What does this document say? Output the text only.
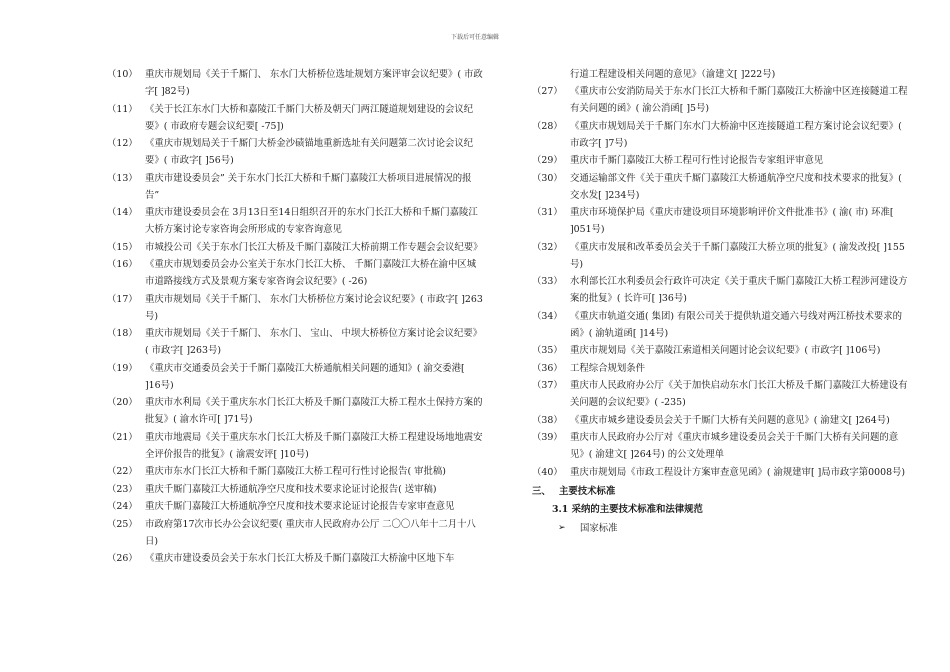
下载后可任意编辑
（10） 重庆市规划局《关于千厮门、 东水门大桥桥位选址规划方案评审会议纪要》( 市政字[ ]82号)
（11） 《关于长江东水门大桥和嘉陵江千厮门大桥及朝天门两江隧道规划建设的会议纪要》( 市政府专题会议纪要[ -75])
（12） 《重庆市规划局关于千厮门大桥金沙碛锚地重新选址有关问题第二次讨论会议纪要》( 市政字[ ]56号)
（13） 重庆市建设委员会” 关于东水门长江大桥和千厮门嘉陵江大桥项目进展情况的报告”
（14） 重庆市建设委员会在 3月13日至14日组织召开的东水门长江大桥和千厮门嘉陵江大桥方案讨论专家咨询会所形成的专家咨询意见
（15） 市城投公司《关于东水门长江大桥及千厮门嘉陵江大桥前期工作专题会会议纪要》
（16） 《重庆市规划委员会办公室关于东水门长江大桥、 千厮门嘉陵江大桥在渝中区城市道路接线方式及景观方案专家咨询会议纪要》( -26)
（17） 重庆市规划局《关于千厮门、 东水门大桥桥位方案讨论会议纪要》( 市政字[ ]263号)
（18） 重庆市规划局《关于千厮门、 东水门、 宝山、 中坝大桥桥位方案讨论会议纪要》( 市政字[ ]263号)
（19） 《重庆市交通委员会关于千厮门嘉陵江大桥通航相关问题的通知》( 渝交委港[ ]16号)
（20） 重庆市水利局《关于重庆东水门长江大桥及千厮门嘉陵江大桥工程水土保持方案的批复》( 渝水许可[ ]71号)
（21） 重庆市地震局《关于重庆东水门长江大桥及千厮门嘉陵江大桥工程建设场地地震安全评价报告的批复》( 渝震安评[ ]10号)
（22） 重庆市东水门长江大桥和千厮门嘉陵江大桥工程可行性讨论报告( 审批稿)
（23） 重庆千厮门嘉陵江大桥通航净空尺度和技术要求论证讨论报告( 送审稿)
（24） 重庆千厮门嘉陵江大桥通航净空尺度和技术要求论证讨论报告专家审查意见
（25） 市政府第17次市长办公会议纪要( 重庆市人民政府办公厅 二〇〇八年十二月十八日)
（26） 《重庆市建设委员会关于东水门长江大桥及千厮门嘉陵江大桥渝中区地下车
行道工程建设相关问题的意见》（渝建文[ ]222号)
（27） 《重庆市公安消防局关于东水门长江大桥和千厮门嘉陵江大桥渝中区连接隧道工程有关问题的函》( 渝公消函[ ]5号)
（28） 《重庆市规划局关于千厮门东水门大桥渝中区连接隧道工程方案讨论会议纪要》( 市政字[ ]7号)
（29） 重庆市千厮门嘉陵江大桥工程可行性讨论报告专家组评审意见
（30） 交通运输部文件《关于重庆千厮门嘉陵江大桥通航净空尺度和技术要求的批复》( 交水发[ ]234号)
（31） 重庆市环境保护局《重庆市建设项目环境影响评价文件批准书》( 渝( 市) 环准[ ]051号)
（32） 《重庆市发展和改革委员会关于千厮门嘉陵江大桥立项的批复》( 渝发改投[ ]155号)
（33） 水利部长江水利委员会行政许可决定《关于重庆千厮门嘉陵江大桥工程涉河建设方案的批复》( 长许可[ ]36号)
（34） 《重庆市轨道交通( 集团) 有限公司关于提供轨道交通六号线对两江桥技术要求的函》( 渝轨道函[ ]14号)
（35） 重庆市规划局《关于嘉陵江索道相关问题讨论会议纪要》( 市政字[ ]106号)
（36） 工程综合规划条件
（37） 重庆市人民政府办公厅《关于加快启动东水门长江大桥及千厮门嘉陵江大桥建设有关问题的会议纪要》( -235)
（38） 《重庆市城乡建设委员会关于千厮门大桥有关问题的意见》( 渝建文[ ]264号)
（39） 重庆市人民政府办公厅对《重庆市城乡建设委员会关于千厮门大桥有关问题的意见》( 渝建文[ ]264号) 的公文处理单
（40） 重庆市规划局《市政工程设计方案审查意见函》( 渝规建审[ ]局市政字第0008号)
三、 主要技术标准
3.1 采纳的主要技术标准和法律规范
➢	国家标准
